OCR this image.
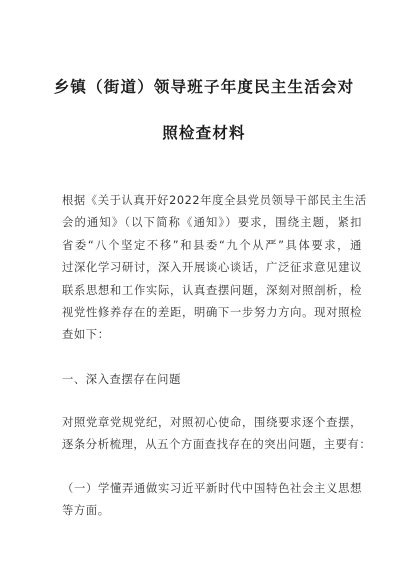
乡镇（街道）领导班子年度民主生活会对
照检查材料
根据《关于认真开好2022年度全县党员领导干部民主生活
会的通知》（以下简称《通知》）要求，围绕主题，紧扣
省委“八个坚定不移”和县委“九个从严”具体要求，通
过深化学习研讨，深入开展谈心谈话，广泛征求意见建议
联系思想和工作实际，认真查摆问题，深刻对照剖析，检
视党性修养存在的差距，明确下一步努力方向。现对照检
查如下：
一、深入查摆存在问题
对照党章党规党纪，对照初心使命，围绕要求逐个查摆，
逐条分析梳理，从五个方面查找存在的突出问题，主要有：
（一）学懂弄通做实习近平新时代中国特色社会主义思想
等方面。
